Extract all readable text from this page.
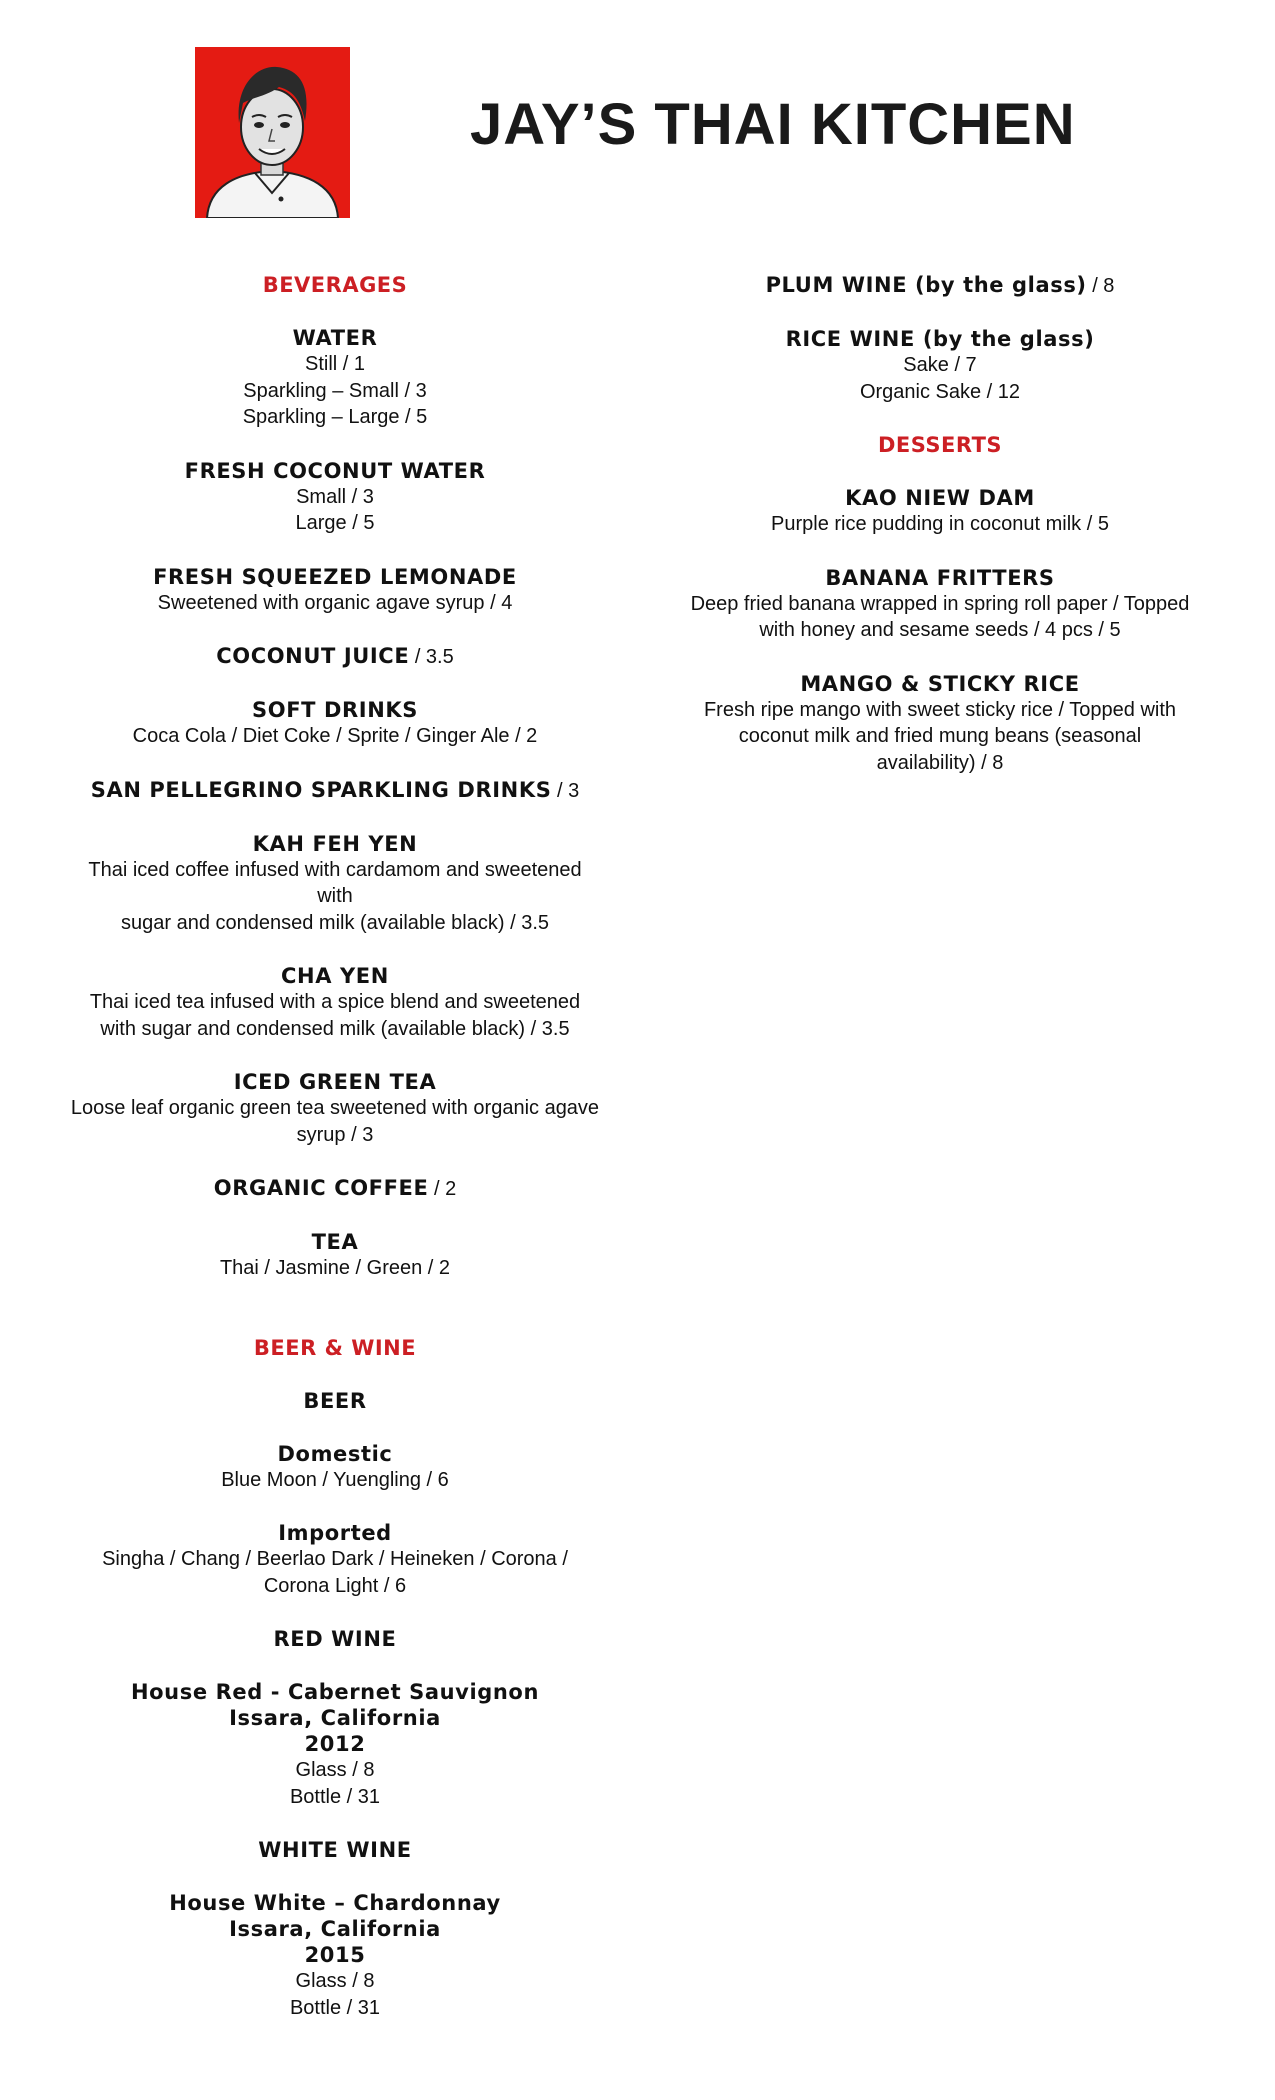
JAY’S THAI KITCHEN
BEVERAGES
WATER
Still / 1
Sparkling – Small / 3
Sparkling – Large / 5
FRESH COCONUT WATER
Small / 3
Large / 5
FRESH SQUEEZED LEMONADE
Sweetened with organic agave syrup / 4
COCONUT JUICE / 3.5
SOFT DRINKS
Coca Cola / Diet Coke / Sprite / Ginger Ale / 2
SAN PELLEGRINO SPARKLING DRINKS / 3
KAH FEH YEN
Thai iced coffee infused with cardamom and sweetened
with
sugar and condensed milk (available black) / 3.5
CHA YEN
Thai iced tea infused with a spice blend and sweetened
with sugar and condensed milk (available black) / 3.5
ICED GREEN TEA
Loose leaf organic green tea sweetened with organic agave
syrup / 3
ORGANIC COFFEE / 2
TEA
Thai / Jasmine / Green / 2
BEER & WINE
BEER
Domestic
Blue Moon / Yuengling / 6
Imported
Singha / Chang / Beerlao Dark / Heineken / Corona /
Corona Light / 6
RED WINE
House Red - Cabernet Sauvignon
Issara, California
2012
Glass / 8
Bottle / 31
WHITE WINE
House White – Chardonnay
Issara, California
2015
Glass / 8
Bottle / 31
PLUM WINE (by the glass) / 8
RICE WINE (by the glass)
Sake / 7
Organic Sake / 12
DESSERTS
KAO NIEW DAM
Purple rice pudding in coconut milk / 5
BANANA FRITTERS
Deep fried banana wrapped in spring roll paper / Topped
with honey and sesame seeds / 4 pcs / 5
MANGO & STICKY RICE
Fresh ripe mango with sweet sticky rice / Topped with
coconut milk and fried mung beans (seasonal
availability) / 8
